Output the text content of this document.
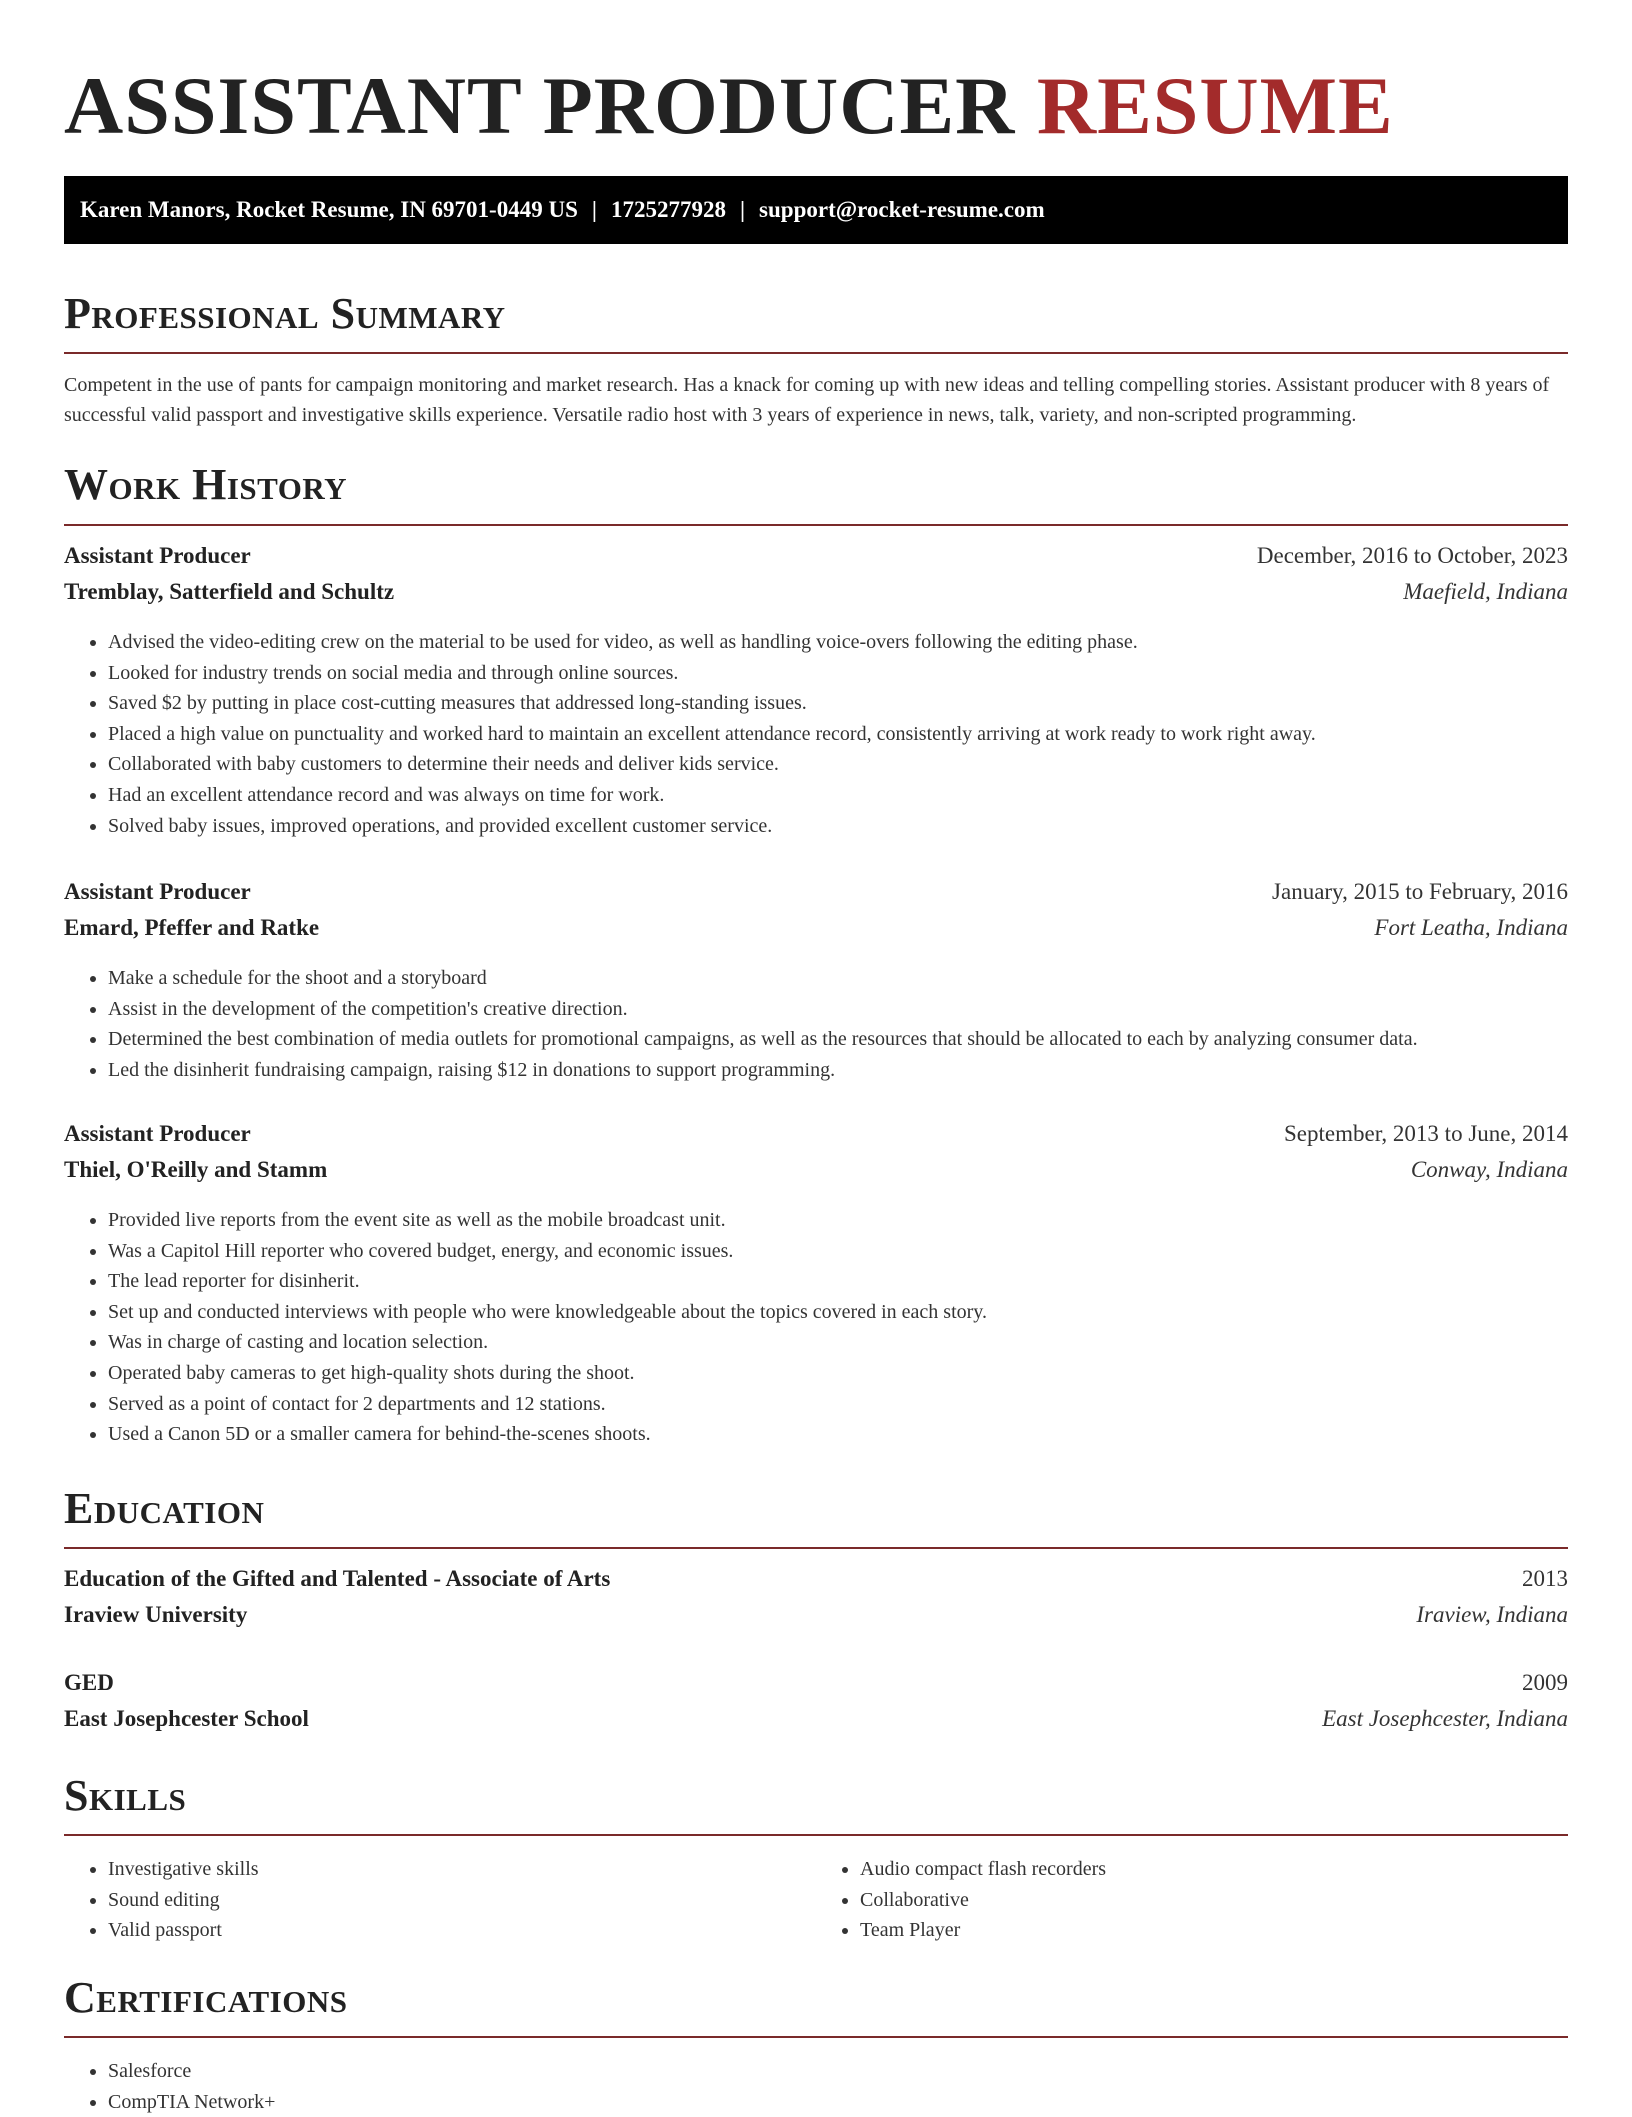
ASSISTANT PRODUCER RESUME
Karen Manors, Rocket Resume, IN 69701-0449 US | 1725277928 | support@rocket-resume.com
Professional Summary

Competent in the use of pants for campaign monitoring and market research. Has a knack for coming up with new ideas and telling compelling stories. Assistant producer with 8 years of successful valid passport and investigative skills experience. Versatile radio host with 3 years of experience in news, talk, variety, and non-scripted programming.

Work History
Assistant Producer	December, 2016 to October, 2023
Tremblay, Satterfield and Schultz	Maefield, Indiana
• Advised the video-editing crew on the material to be used for video, as well as handling voice-overs following the editing phase.
• Looked for industry trends on social media and through online sources.
• Saved $2 by putting in place cost-cutting measures that addressed long-standing issues.
• Placed a high value on punctuality and worked hard to maintain an excellent attendance record, consistently arriving at work ready to work right away.
• Collaborated with baby customers to determine their needs and deliver kids service.
• Had an excellent attendance record and was always on time for work.
• Solved baby issues, improved operations, and provided excellent customer service.
Assistant Producer	January, 2015 to February, 2016
Emard, Pfeffer and Ratke	Fort Leatha, Indiana
• Make a schedule for the shoot and a storyboard
• Assist in the development of the competition's creative direction.
• Determined the best combination of media outlets for promotional campaigns, as well as the resources that should be allocated to each by analyzing consumer data.
• Led the disinherit fundraising campaign, raising $12 in donations to support programming.
Assistant Producer	September, 2013 to June, 2014
Thiel, O'Reilly and Stamm	Conway, Indiana
• Provided live reports from the event site as well as the mobile broadcast unit.
• Was a Capitol Hill reporter who covered budget, energy, and economic issues.
• The lead reporter for disinherit.
• Set up and conducted interviews with people who were knowledgeable about the topics covered in each story.
• Was in charge of casting and location selection.
• Operated baby cameras to get high-quality shots during the shoot.
• Served as a point of contact for 2 departments and 12 stations.
• Used a Canon 5D or a smaller camera for behind-the-scenes shoots.
Education
Education of the Gifted and Talented - Associate of Arts	2013
Iraview University	Iraview, Indiana
GED	2009
East Josephcester School	East Josephcester, Indiana
Skills
• Investigative skills
• Sound editing
• Valid passport
• Audio compact flash recorders
• Collaborative
• Team Player
Certifications
• Salesforce
• CompTIA Network+
